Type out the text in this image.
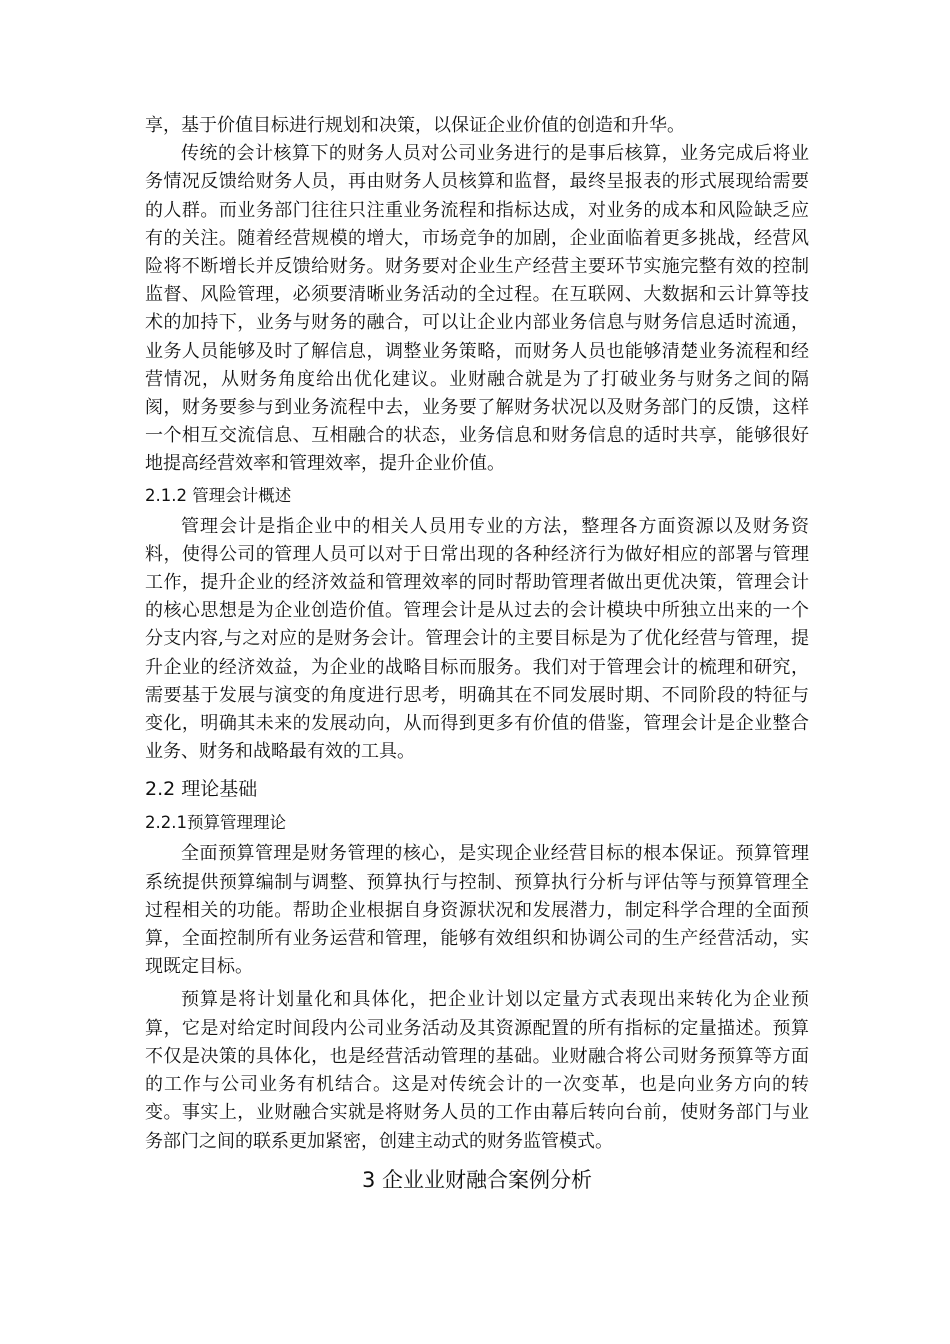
享，基于价值目标进行规划和决策，以保证企业价值的创造和升华。

传统的会计核算下的财务人员对公司业务进行的是事后核算，业务完成后将业务情况反馈给财务人员，再由财务人员核算和监督，最终呈报表的形式展现给需要的人群。而业务部门往往只注重业务流程和指标达成，对业务的成本和风险缺乏应有的关注。随着经营规模的增大，市场竞争的加剧，企业面临着更多挑战，经营风险将不断增长并反馈给财务。财务要对企业生产经营主要环节实施完整有效的控制监督、风险管理，必须要清晰业务活动的全过程。在互联网、大数据和云计算等技术的加持下，业务与财务的融合，可以让企业内部业务信息与财务信息适时流通，业务人员能够及时了解信息，调整业务策略，而财务人员也能够清楚业务流程和经营情况，从财务角度给出优化建议。业财融合就是为了打破业务与财务之间的隔阂，财务要参与到业务流程中去，业务要了解财务状况以及财务部门的反馈，这样一个相互交流信息、互相融合的状态，业务信息和财务信息的适时共享，能够很好地提高经营效率和管理效率，提升企业价值。

2.1.2 管理会计概述

管理会计是指企业中的相关人员用专业的方法，整理各方面资源以及财务资料，使得公司的管理人员可以对于日常出现的各种经济行为做好相应的部署与管理工作，提升企业的经济效益和管理效率的同时帮助管理者做出更优决策，管理会计的核心思想是为企业创造价值。管理会计是从过去的会计模块中所独立出来的一个分支内容,与之对应的是财务会计。管理会计的主要目标是为了优化经营与管理，提升企业的经济效益，为企业的战略目标而服务。我们对于管理会计的梳理和研究，需要基于发展与演变的角度进行思考，明确其在不同发展时期、不同阶段的特征与变化，明确其未来的发展动向，从而得到更多有价值的借鉴，管理会计是企业整合业务、财务和战略最有效的工具。

2.2 理论基础
2.2.1预算管理理论

全面预算管理是财务管理的核心，是实现企业经营目标的根本保证。预算管理系统提供预算编制与调整、预算执行与控制、预算执行分析与评估等与预算管理全过程相关的功能。帮助企业根据自身资源状况和发展潜力，制定科学合理的全面预算，全面控制所有业务运营和管理，能够有效组织和协调公司的生产经营活动，实现既定目标。

预算是将计划量化和具体化，把企业计划以定量方式表现出来转化为企业预算，它是对给定时间段内公司业务活动及其资源配置的所有指标的定量描述。预算不仅是决策的具体化，也是经营活动管理的基础。业财融合将公司财务预算等方面的工作与公司业务有机结合。这是对传统会计的一次变革，也是向业务方向的转变。事实上，业财融合实就是将财务人员的工作由幕后转向台前，使财务部门与业务部门之间的联系更加紧密，创建主动式的财务监管模式。

3 企业业财融合案例分析
